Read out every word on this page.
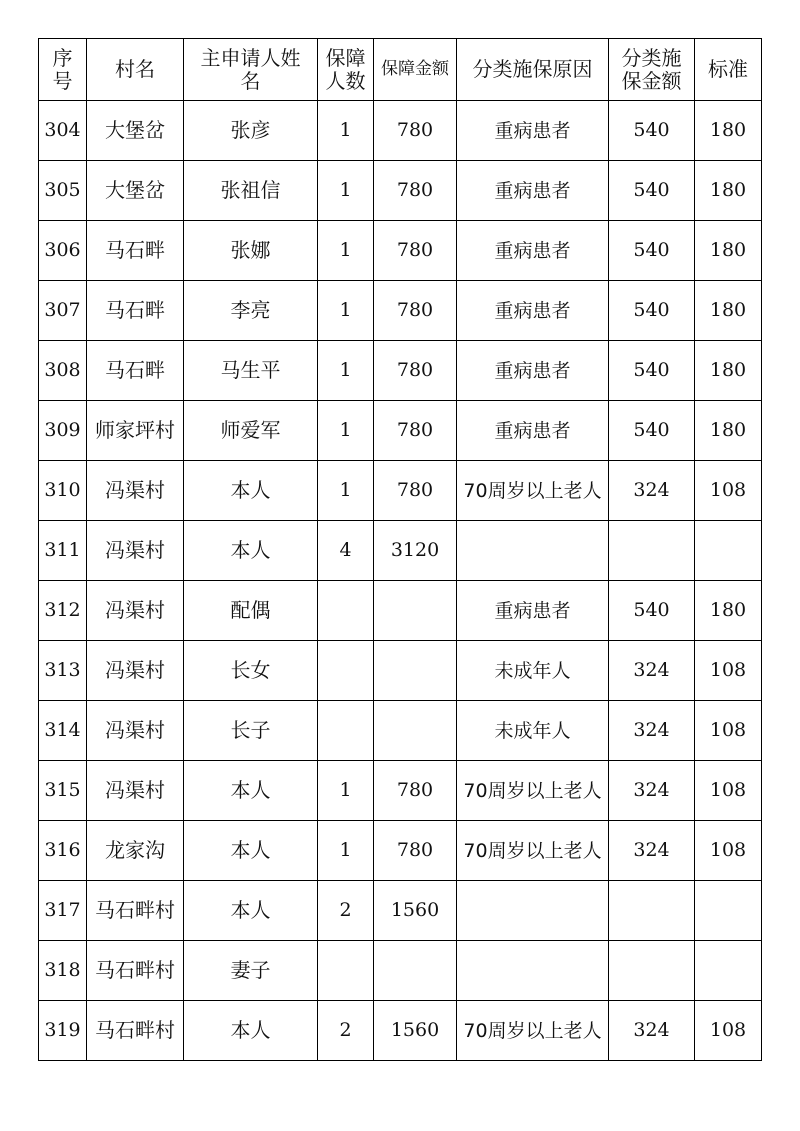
序号	村名	主申请人姓名	保障人数	保障金额	分类施保原因	分类施保金额	标准
304	大堡岔	张彦	1	780	重病患者	540	180
305	大堡岔	张祖信	1	780	重病患者	540	180
306	马石畔	张娜	1	780	重病患者	540	180
307	马石畔	李亮	1	780	重病患者	540	180
308	马石畔	马生平	1	780	重病患者	540	180
309	师家坪村	师爱军	1	780	重病患者	540	180
310	冯渠村	本人	1	780	70周岁以上老人	324	108
311	冯渠村	本人	4	3120			
312	冯渠村	配偶			重病患者	540	180
313	冯渠村	长女			未成年人	324	108
314	冯渠村	长子			未成年人	324	108
315	冯渠村	本人	1	780	70周岁以上老人	324	108
316	龙家沟	本人	1	780	70周岁以上老人	324	108
317	马石畔村	本人	2	1560			
318	马石畔村	妻子					
319	马石畔村	本人	2	1560	70周岁以上老人	324	108
